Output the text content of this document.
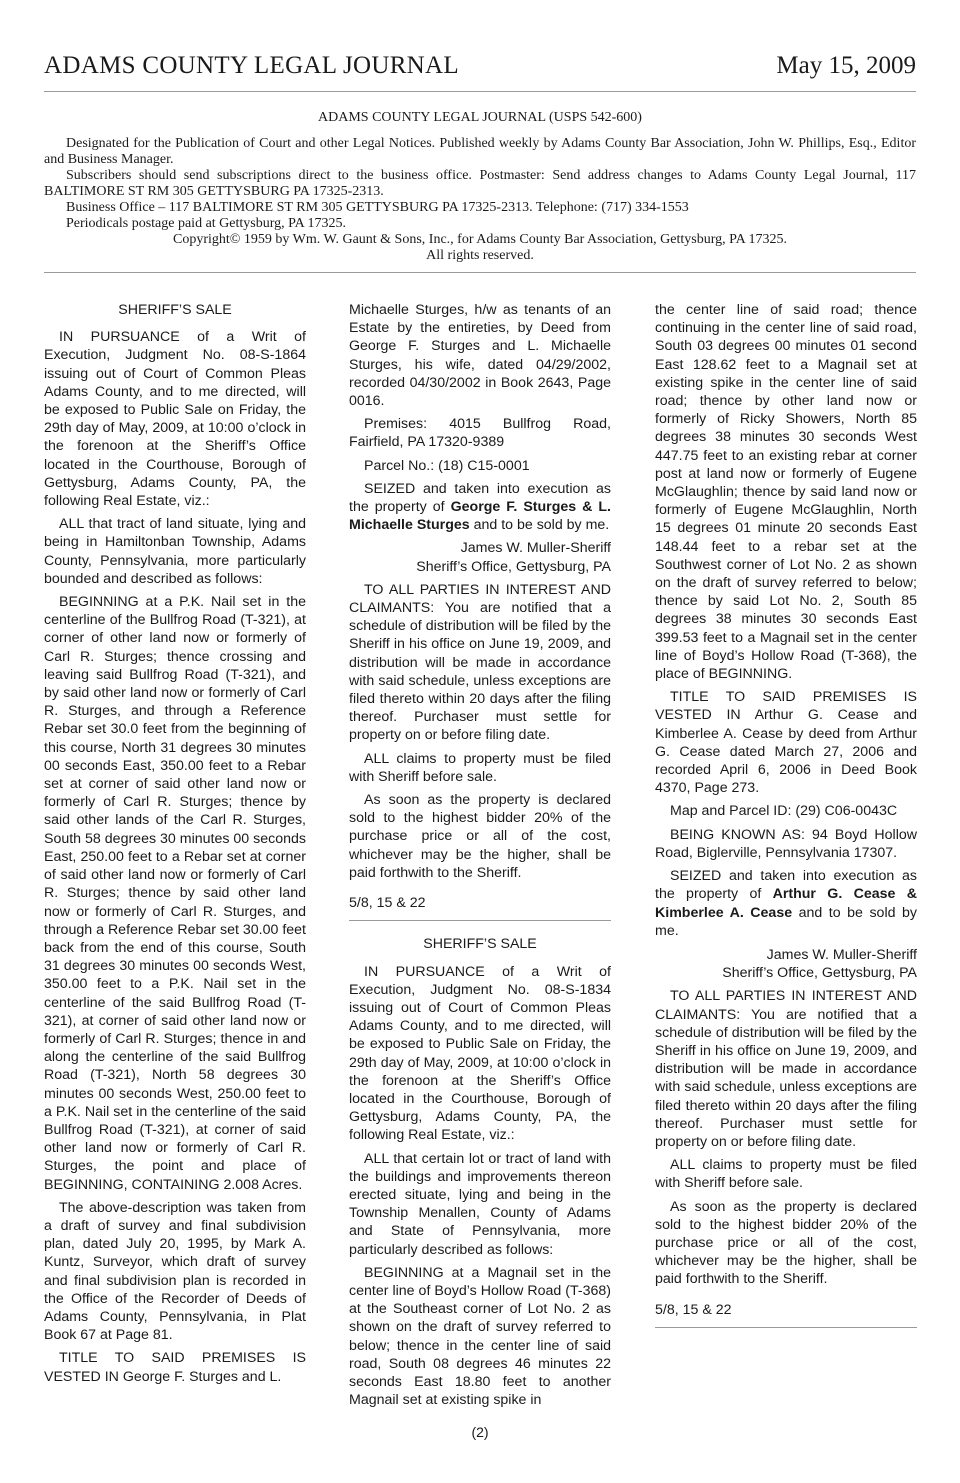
ADAMS COUNTY LEGAL JOURNAL	May 15, 2009
ADAMS COUNTY LEGAL JOURNAL (USPS 542-600)
Designated for the Publication of Court and other Legal Notices. Published weekly by Adams County Bar Association, John W. Phillips, Esq., Editor and Business Manager.
Subscribers should send subscriptions direct to the business office. Postmaster: Send address changes to Adams County Legal Journal, 117 BALTIMORE ST RM 305 GETTYSBURG PA 17325-2313.
Business Office – 117 BALTIMORE ST RM 305 GETTYSBURG PA 17325-2313. Telephone: (717) 334-1553
Periodicals postage paid at Gettysburg, PA 17325.
Copyright© 1959 by Wm. W. Gaunt & Sons, Inc., for Adams County Bar Association, Gettysburg, PA 17325.
All rights reserved.

SHERIFF’S SALE

IN PURSUANCE of a Writ of Execution, Judgment No. 08-S-1864 issuing out of Court of Common Pleas Adams County, and to me directed, will be exposed to Public Sale on Friday, the 29th day of May, 2009, at 10:00 o’clock in the forenoon at the Sheriff’s Office located in the Courthouse, Borough of Gettysburg, Adams County, PA, the following Real Estate, viz.:

ALL that tract of land situate, lying and being in Hamiltonban Township, Adams County, Pennsylvania, more particularly bounded and described as follows:

BEGINNING at a P.K. Nail set in the centerline of the Bullfrog Road (T-321), at corner of other land now or formerly of Carl R. Sturges; thence crossing and leaving said Bullfrog Road (T-321), and by said other land now or formerly of Carl R. Sturges, and through a Reference Rebar set 30.0 feet from the beginning of this course, North 31 degrees 30 minutes 00 seconds East, 350.00 feet to a Rebar set at corner of said other land now or formerly of Carl R. Sturges; thence by said other lands of the Carl R. Sturges, South 58 degrees 30 minutes 00 seconds East, 250.00 feet to a Rebar set at corner of said other land now or formerly of Carl R. Sturges; thence by said other land now or formerly of Carl R. Sturges, and through a Reference Rebar set 30.00 feet back from the end of this course, South 31 degrees 30 minutes 00 seconds West, 350.00 feet to a P.K. Nail set in the centerline of the said Bullfrog Road (T-321), at corner of said other land now or formerly of Carl R. Sturges; thence in and along the centerline of the said Bullfrog Road (T-321), North 58 degrees 30 minutes 00 seconds West, 250.00 feet to a P.K. Nail set in the centerline of the said Bullfrog Road (T-321), at corner of said other land now or formerly of Carl R. Sturges, the point and place of BEGINNING, CONTAINING 2.008 Acres.

The above-description was taken from a draft of survey and final subdivision plan, dated July 20, 1995, by Mark A. Kuntz, Surveyor, which draft of survey and final subdivision plan is recorded in the Office of the Recorder of Deeds of Adams County, Pennsylvania, in Plat Book 67 at Page 81.

TITLE TO SAID PREMISES IS VESTED IN George F. Sturges and L.

Michaelle Sturges, h/w as tenants of an Estate by the entireties, by Deed from George F. Sturges and L. Michaelle Sturges, his wife, dated 04/29/2002, recorded 04/30/2002 in Book 2643, Page 0016.

Premises: 4015 Bullfrog Road, Fairfield, PA 17320-9389

Parcel No.: (18) C15-0001

SEIZED and taken into execution as the property of George F. Sturges & L. Michaelle Sturges and to be sold by me.

James W. Muller-Sheriff

Sheriff’s Office, Gettysburg, PA

TO ALL PARTIES IN INTEREST AND CLAIMANTS: You are notified that a schedule of distribution will be filed by the Sheriff in his office on June 19, 2009, and distribution will be made in accordance with said schedule, unless exceptions are filed thereto within 20 days after the filing thereof. Purchaser must settle for property on or before filing date.

ALL claims to property must be filed with Sheriff before sale.

As soon as the property is declared sold to the highest bidder 20% of the purchase price or all of the cost, whichever may be the higher, shall be paid forthwith to the Sheriff.

5/8, 15 & 22

SHERIFF’S SALE

IN PURSUANCE of a Writ of Execution, Judgment No. 08-S-1834 issuing out of Court of Common Pleas Adams County, and to me directed, will be exposed to Public Sale on Friday, the 29th day of May, 2009, at 10:00 o’clock in the forenoon at the Sheriff’s Office located in the Courthouse, Borough of Gettysburg, Adams County, PA, the following Real Estate, viz.:

ALL that certain lot or tract of land with the buildings and improvements thereon erected situate, lying and being in the Township Menallen, County of Adams and State of Pennsylvania, more particularly described as follows:

BEGINNING at a Magnail set in the center line of Boyd’s Hollow Road (T-368) at the Southeast corner of Lot No. 2 as shown on the draft of survey referred to below; thence in the center line of said road, South 08 degrees 46 minutes 22 seconds East 18.80 feet to another Magnail set at existing spike in

the center line of said road; thence continuing in the center line of said road, South 03 degrees 00 minutes 01 second East 128.62 feet to a Magnail set at existing spike in the center line of said road; thence by other land now or formerly of Ricky Showers, North 85 degrees 38 minutes 30 seconds West 447.75 feet to an existing rebar at corner post at land now or formerly of Eugene McGlaughlin; thence by said land now or formerly of Eugene McGlaughlin, North 15 degrees 01 minute 20 seconds East 148.44 feet to a rebar set at the Southwest corner of Lot No. 2 as shown on the draft of survey referred to below; thence by said Lot No. 2, South 85 degrees 38 minutes 30 seconds East 399.53 feet to a Magnail set in the center line of Boyd’s Hollow Road (T-368), the place of BEGINNING.

TITLE TO SAID PREMISES IS VESTED IN Arthur G. Cease and Kimberlee A. Cease by deed from Arthur G. Cease dated March 27, 2006 and recorded April 6, 2006 in Deed Book 4370, Page 273.

Map and Parcel ID: (29) C06-0043C

BEING KNOWN AS: 94 Boyd Hollow Road, Biglerville, Pennsylvania 17307.

SEIZED and taken into execution as the property of Arthur G. Cease & Kimberlee A. Cease and to be sold by me.

James W. Muller-Sheriff

Sheriff’s Office, Gettysburg, PA

TO ALL PARTIES IN INTEREST AND CLAIMANTS: You are notified that a schedule of distribution will be filed by the Sheriff in his office on June 19, 2009, and distribution will be made in accordance with said schedule, unless exceptions are filed thereto within 20 days after the filing thereof. Purchaser must settle for property on or before filing date.

ALL claims to property must be filed with Sheriff before sale.

As soon as the property is declared sold to the highest bidder 20% of the purchase price or all of the cost, whichever may be the higher, shall be paid forthwith to the Sheriff.

5/8, 15 & 22

(2)
